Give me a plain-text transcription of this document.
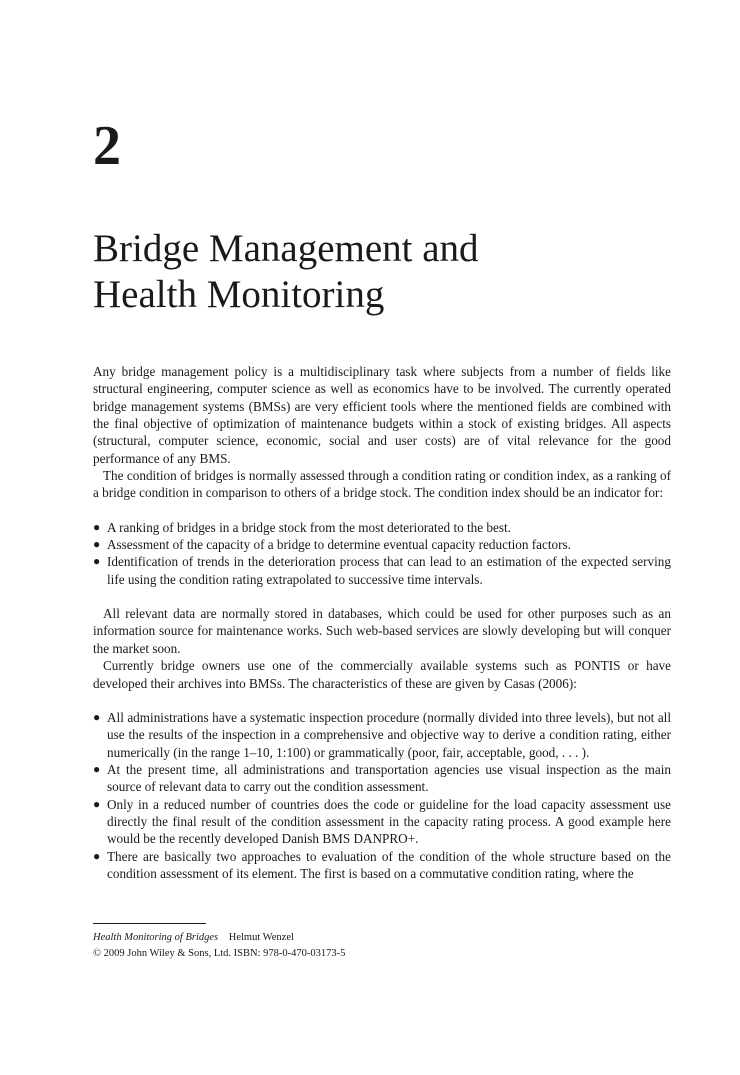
2
Bridge Management and
Health Monitoring

Any bridge management policy is a multidisciplinary task where subjects from a number of fields like structural engineering, computer science as well as economics have to be involved. The currently operated bridge management systems (BMSs) are very efficient tools where the mentioned fields are combined with the final objective of optimization of maintenance budgets within a stock of existing bridges. All aspects (structural, computer science, economic, social and user costs) are of vital relevance for the good performance of any BMS.

The condition of bridges is normally assessed through a condition rating or condition index, as a ranking of a bridge condition in comparison to others of a bridge stock. The condition index should be an indicator for:

● A ranking of bridges in a bridge stock from the most deteriorated to the best.
● Assessment of the capacity of a bridge to determine eventual capacity reduction factors.
● Identification of trends in the deterioration process that can lead to an estimation of the expected serving life using the condition rating extrapolated to successive time intervals.

All relevant data are normally stored in databases, which could be used for other purposes such as an information source for maintenance works. Such web-based services are slowly developing but will conquer the market soon.

Currently bridge owners use one of the commercially available systems such as PONTIS or have developed their archives into BMSs. The characteristics of these are given by Casas (2006):

● All administrations have a systematic inspection procedure (normally divided into three levels), but not all use the results of the inspection in a comprehensive and objective way to derive a condition rating, either numerically (in the range 1–10, 1:100) or grammatically (poor, fair, acceptable, good, . . . ).
● At the present time, all administrations and transportation agencies use visual inspection as the main source of relevant data to carry out the condition assessment.
● Only in a reduced number of countries does the code or guideline for the load capacity assessment use directly the final result of the condition assessment in the capacity rating process. A good example here would be the recently developed Danish BMS DANPRO+.
● There are basically two approaches to evaluation of the condition of the whole structure based on the condition assessment of its element. The first is based on a commutative condition rating, where the
Health Monitoring of Bridges Helmut Wenzel
© 2009 John Wiley & Sons, Ltd. ISBN: 978-0-470-03173-5
